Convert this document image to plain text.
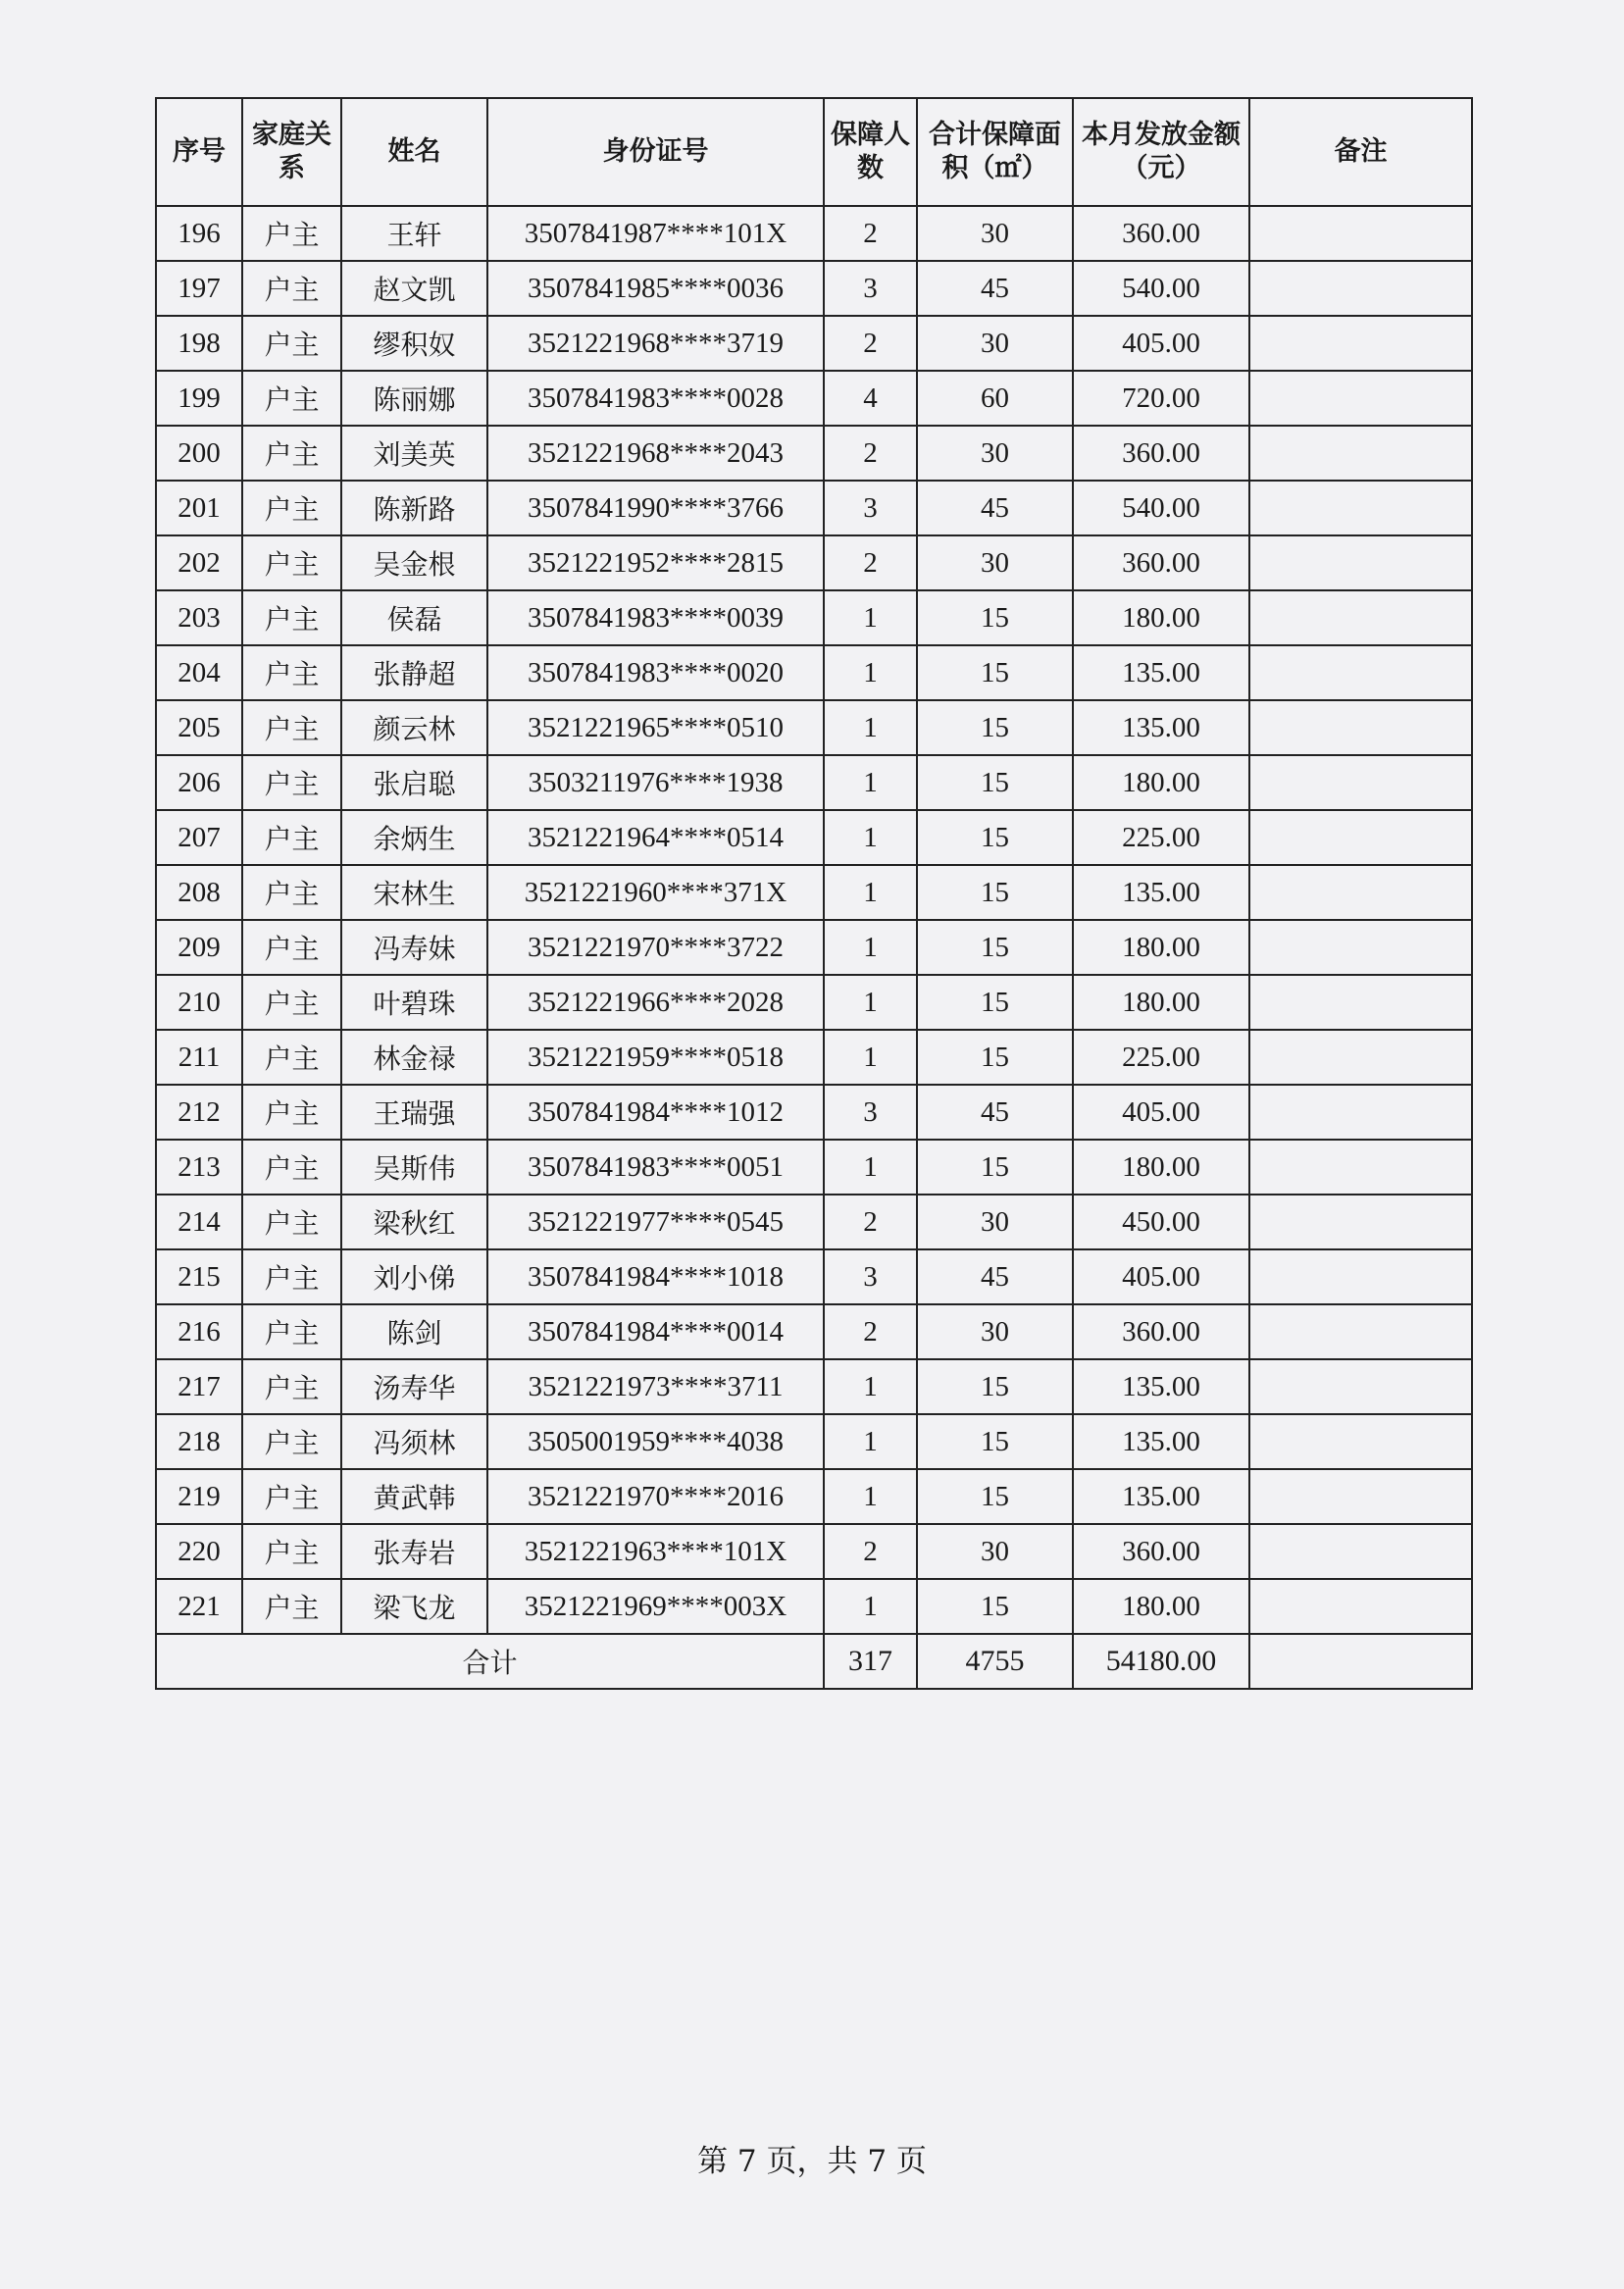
序号	家庭关系	姓名	身份证号	保障人数	合计保障面积（㎡）	本月发放金额（元）	备注
196	户主	王轩	3507841987****101X	2	30	360.00	
197	户主	赵文凯	3507841985****0036	3	45	540.00	
198	户主	缪积奴	3521221968****3719	2	30	405.00	
199	户主	陈丽娜	3507841983****0028	4	60	720.00	
200	户主	刘美英	3521221968****2043	2	30	360.00	
201	户主	陈新路	3507841990****3766	3	45	540.00	
202	户主	吴金根	3521221952****2815	2	30	360.00	
203	户主	侯磊	3507841983****0039	1	15	180.00	
204	户主	张静超	3507841983****0020	1	15	135.00	
205	户主	颜云林	3521221965****0510	1	15	135.00	
206	户主	张启聪	3503211976****1938	1	15	180.00	
207	户主	余炳生	3521221964****0514	1	15	225.00	
208	户主	宋林生	3521221960****371X	1	15	135.00	
209	户主	冯寿妹	3521221970****3722	1	15	180.00	
210	户主	叶碧珠	3521221966****2028	1	15	180.00	
211	户主	林金禄	3521221959****0518	1	15	225.00	
212	户主	王瑞强	3507841984****1012	3	45	405.00	
213	户主	吴斯伟	3507841983****0051	1	15	180.00	
214	户主	梁秋红	3521221977****0545	2	30	450.00	
215	户主	刘小俤	3507841984****1018	3	45	405.00	
216	户主	陈剑	3507841984****0014	2	30	360.00	
217	户主	汤寿华	3521221973****3711	1	15	135.00	
218	户主	冯须林	3505001959****4038	1	15	135.00	
219	户主	黄武韩	3521221970****2016	1	15	135.00	
220	户主	张寿岩	3521221963****101X	2	30	360.00	
221	户主	梁飞龙	3521221969****003X	1	15	180.00	
合计				317	4755	54180.00	
第 7 页，共 7 页
